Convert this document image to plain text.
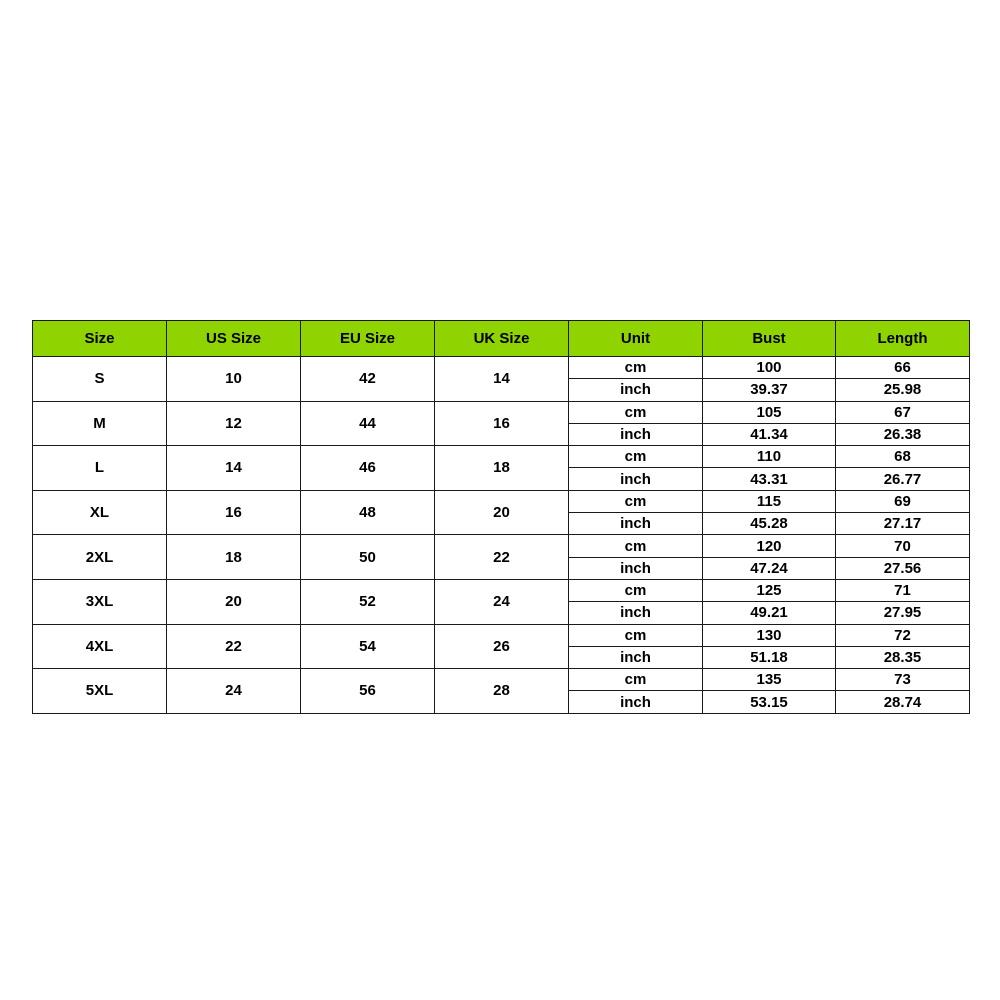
Size	US Size	EU Size	UK Size	Unit	Bust	Length
S	10	42	14	cm	100	66
				inch	39.37	25.98
M	12	44	16	cm	105	67
				inch	41.34	26.38
L	14	46	18	cm	110	68
				inch	43.31	26.77
XL	16	48	20	cm	115	69
				inch	45.28	27.17
2XL	18	50	22	cm	120	70
				inch	47.24	27.56
3XL	20	52	24	cm	125	71
				inch	49.21	27.95
4XL	22	54	26	cm	130	72
				inch	51.18	28.35
5XL	24	56	28	cm	135	73
				inch	53.15	28.74
